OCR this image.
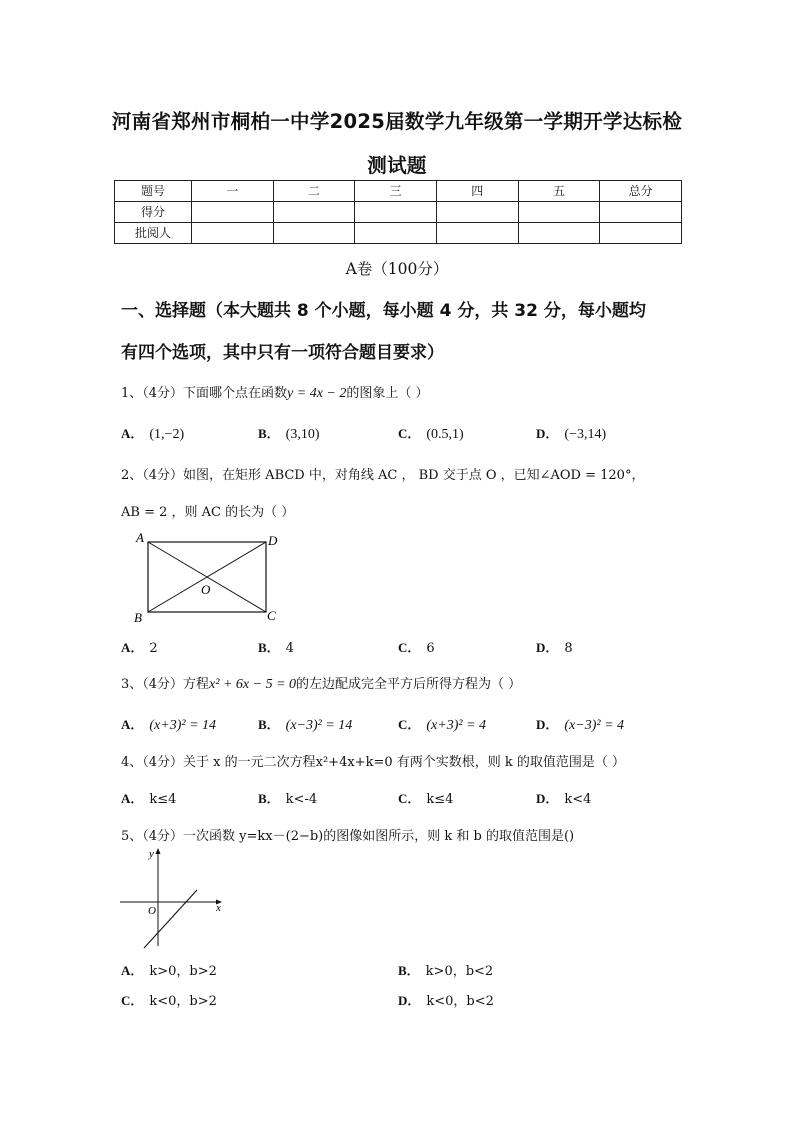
河南省郑州市桐柏一中学2025届数学九年级第一学期开学达标检
测试题
题号	一	二	三	四	五	总分
得分						
批阅人						
A卷（100分）
一、选择题（本大题共 8 个小题，每小题 4 分，共 32 分，每小题均
有四个选项，其中只有一项符合题目要求）
1、（4分）下面哪个点在函数y = 4x − 2的图象上（ ）
A． (1,−2)	B． (3,10)	C． (0.5,1)	D． (−3,14)
2、（4分）如图，在矩形 ABCD 中，对角线 AC ， BD 交于点 O ，已知∠AOD = 120°，
AB = 2 ，则 AC 的长为（ ）
A	D
B	C
O
A． 2	B． 4	C． 6	D． 8
3、（4分）方程x² + 6x − 5 = 0的左边配成完全平方后所得方程为（ ）
A． (x+3)² = 14	B． (x−3)² = 14	C． (x+3)² = 4	D． (x−3)² = 4
4、（4分）关于 x 的一元二次方程x²+4x+k=0 有两个实数根，则 k 的取值范围是（ ）
A． k≤4	B． k<-4	C． k≤4	D． k<4
5、（4分）一次函数 y=kx－(2−b)的图像如图所示，则 k 和 b 的取值范围是()
y
x
O
A． k>0，b>2	B． k>0，b<2
C． k<0，b>2	D． k<0，b<2
